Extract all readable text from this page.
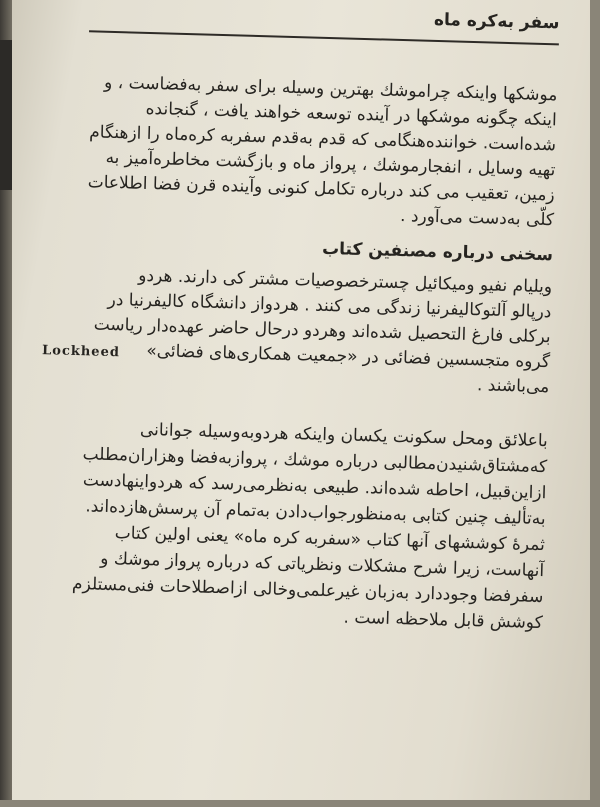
سفر به‌کره ماه

موشکها واینکه چراموشك بهترین وسیله برای سفر به‌فضاست ، و

اینکه چگونه موشکها در آینده توسعه خواهند یافت ، گنجانده

شده‌است. خواننده‌هنگامی که قدم به‌قدم سفربه کره‌ماه را ازهنگام

تهیه وسایل ، انفجارموشك ، پرواز ماه و بازگشت مخاطره‌آمیز به

زمین، تعقیب می کند درباره تکامل کنونی وآینده قرن فضا اطلاعات

کلّی به‌دست می‌آورد .

سخنی درباره مصنفین کتاب

ویلیام نفیو ومیکائیل چستر‌خصوصیات مشتر کی دارند. هردو

درپالو آلتوکالیفرنیا زندگی می کنند . هردواز دانشگاه کالیفرنیا در

برکلی فارغ التحصیل شده‌اند وهردو درحال حاضر عهده‌دار ریاست

گروه متجسسین فضائی در «جمعیت همکاری‌های فضائی»

Lockheed

می‌باشند .

باعلائق ومحل سکونت یکسان واینکه هردوبه‌وسیله جوانانی

که‌مشتاق‌شنیدن‌مطالبی درباره موشك ، پروازبه‌فضا وهزاران‌مطلب

ازاین‌قبیل، احاطه شده‌اند. طبیعی به‌نظرمی‌رسد که هردواینهادست

به‌تألیف چنین کتابی به‌منظورجواب‌دادن به‌تمام آن پرسش‌هازده‌اند.

ثمرهٔ کوششهای آنها کتاب «سفربه کره ماه» یعنی اولین کتاب

آنهاست، زیرا شرح مشکلات ونظریاتی که درباره پرواز موشك و

سفرفضا وجوددارد به‌زبان غیرعلمی‌وخالی ازاصطلاحات فنی‌مستلزم

کوشش قابل ملاحظه است .
